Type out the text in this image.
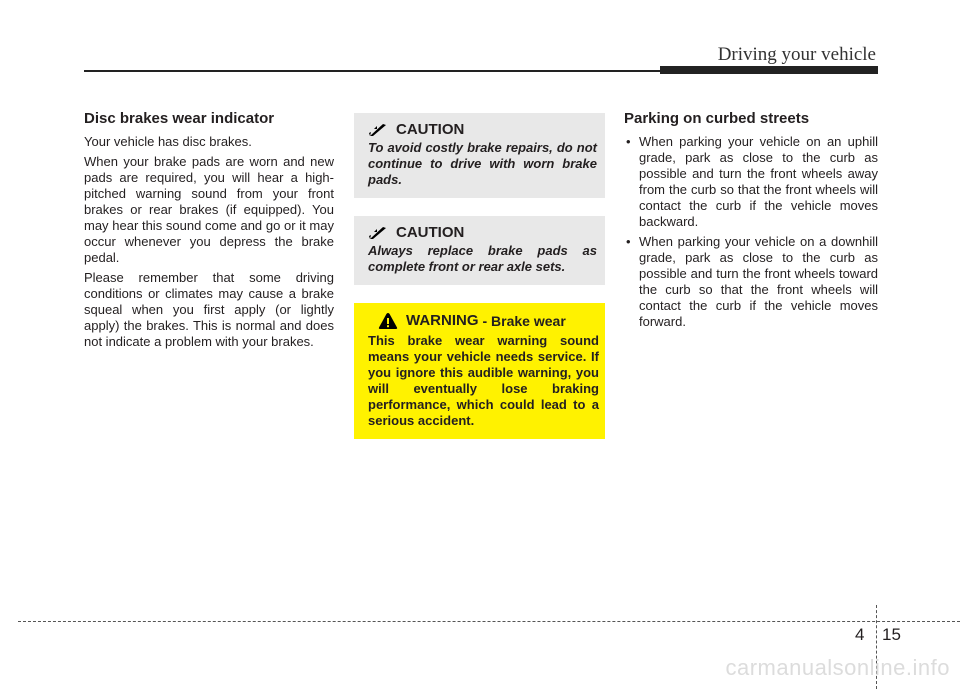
Driving your vehicle
Disc brakes wear indicator

Your vehicle has disc brakes.

When your brake pads are worn and new pads are required, you will hear a high-pitched warning sound from your front brakes or rear brakes (if equipped). You may hear this sound come and go or it may occur whenever you depress the brake pedal.

Please remember that some driving conditions or climates may cause a brake squeal when you first apply (or lightly apply) the brakes. This is normal and does not indicate a problem with your brakes.

CAUTION
To avoid costly brake repairs, do not continue to drive with worn brake pads.
CAUTION
Always replace brake pads as complete front or rear axle sets.
WARNING - Brake wear
This brake wear warning sound means your vehicle needs service. If you ignore this audible warning, you will eventually lose braking performance, which could lead to a serious accident.
Parking on curbed streets
• When parking your vehicle on an uphill grade, park as close to the curb as possible and turn the front wheels away from the curb so that the front wheels will contact the curb if the vehicle moves backward.
• When parking your vehicle on a downhill grade, park as close to the curb as possible and turn the front wheels toward the curb so that the front wheels will contact the curb if the vehicle moves forward.
4 15
carmanualsonline.info
